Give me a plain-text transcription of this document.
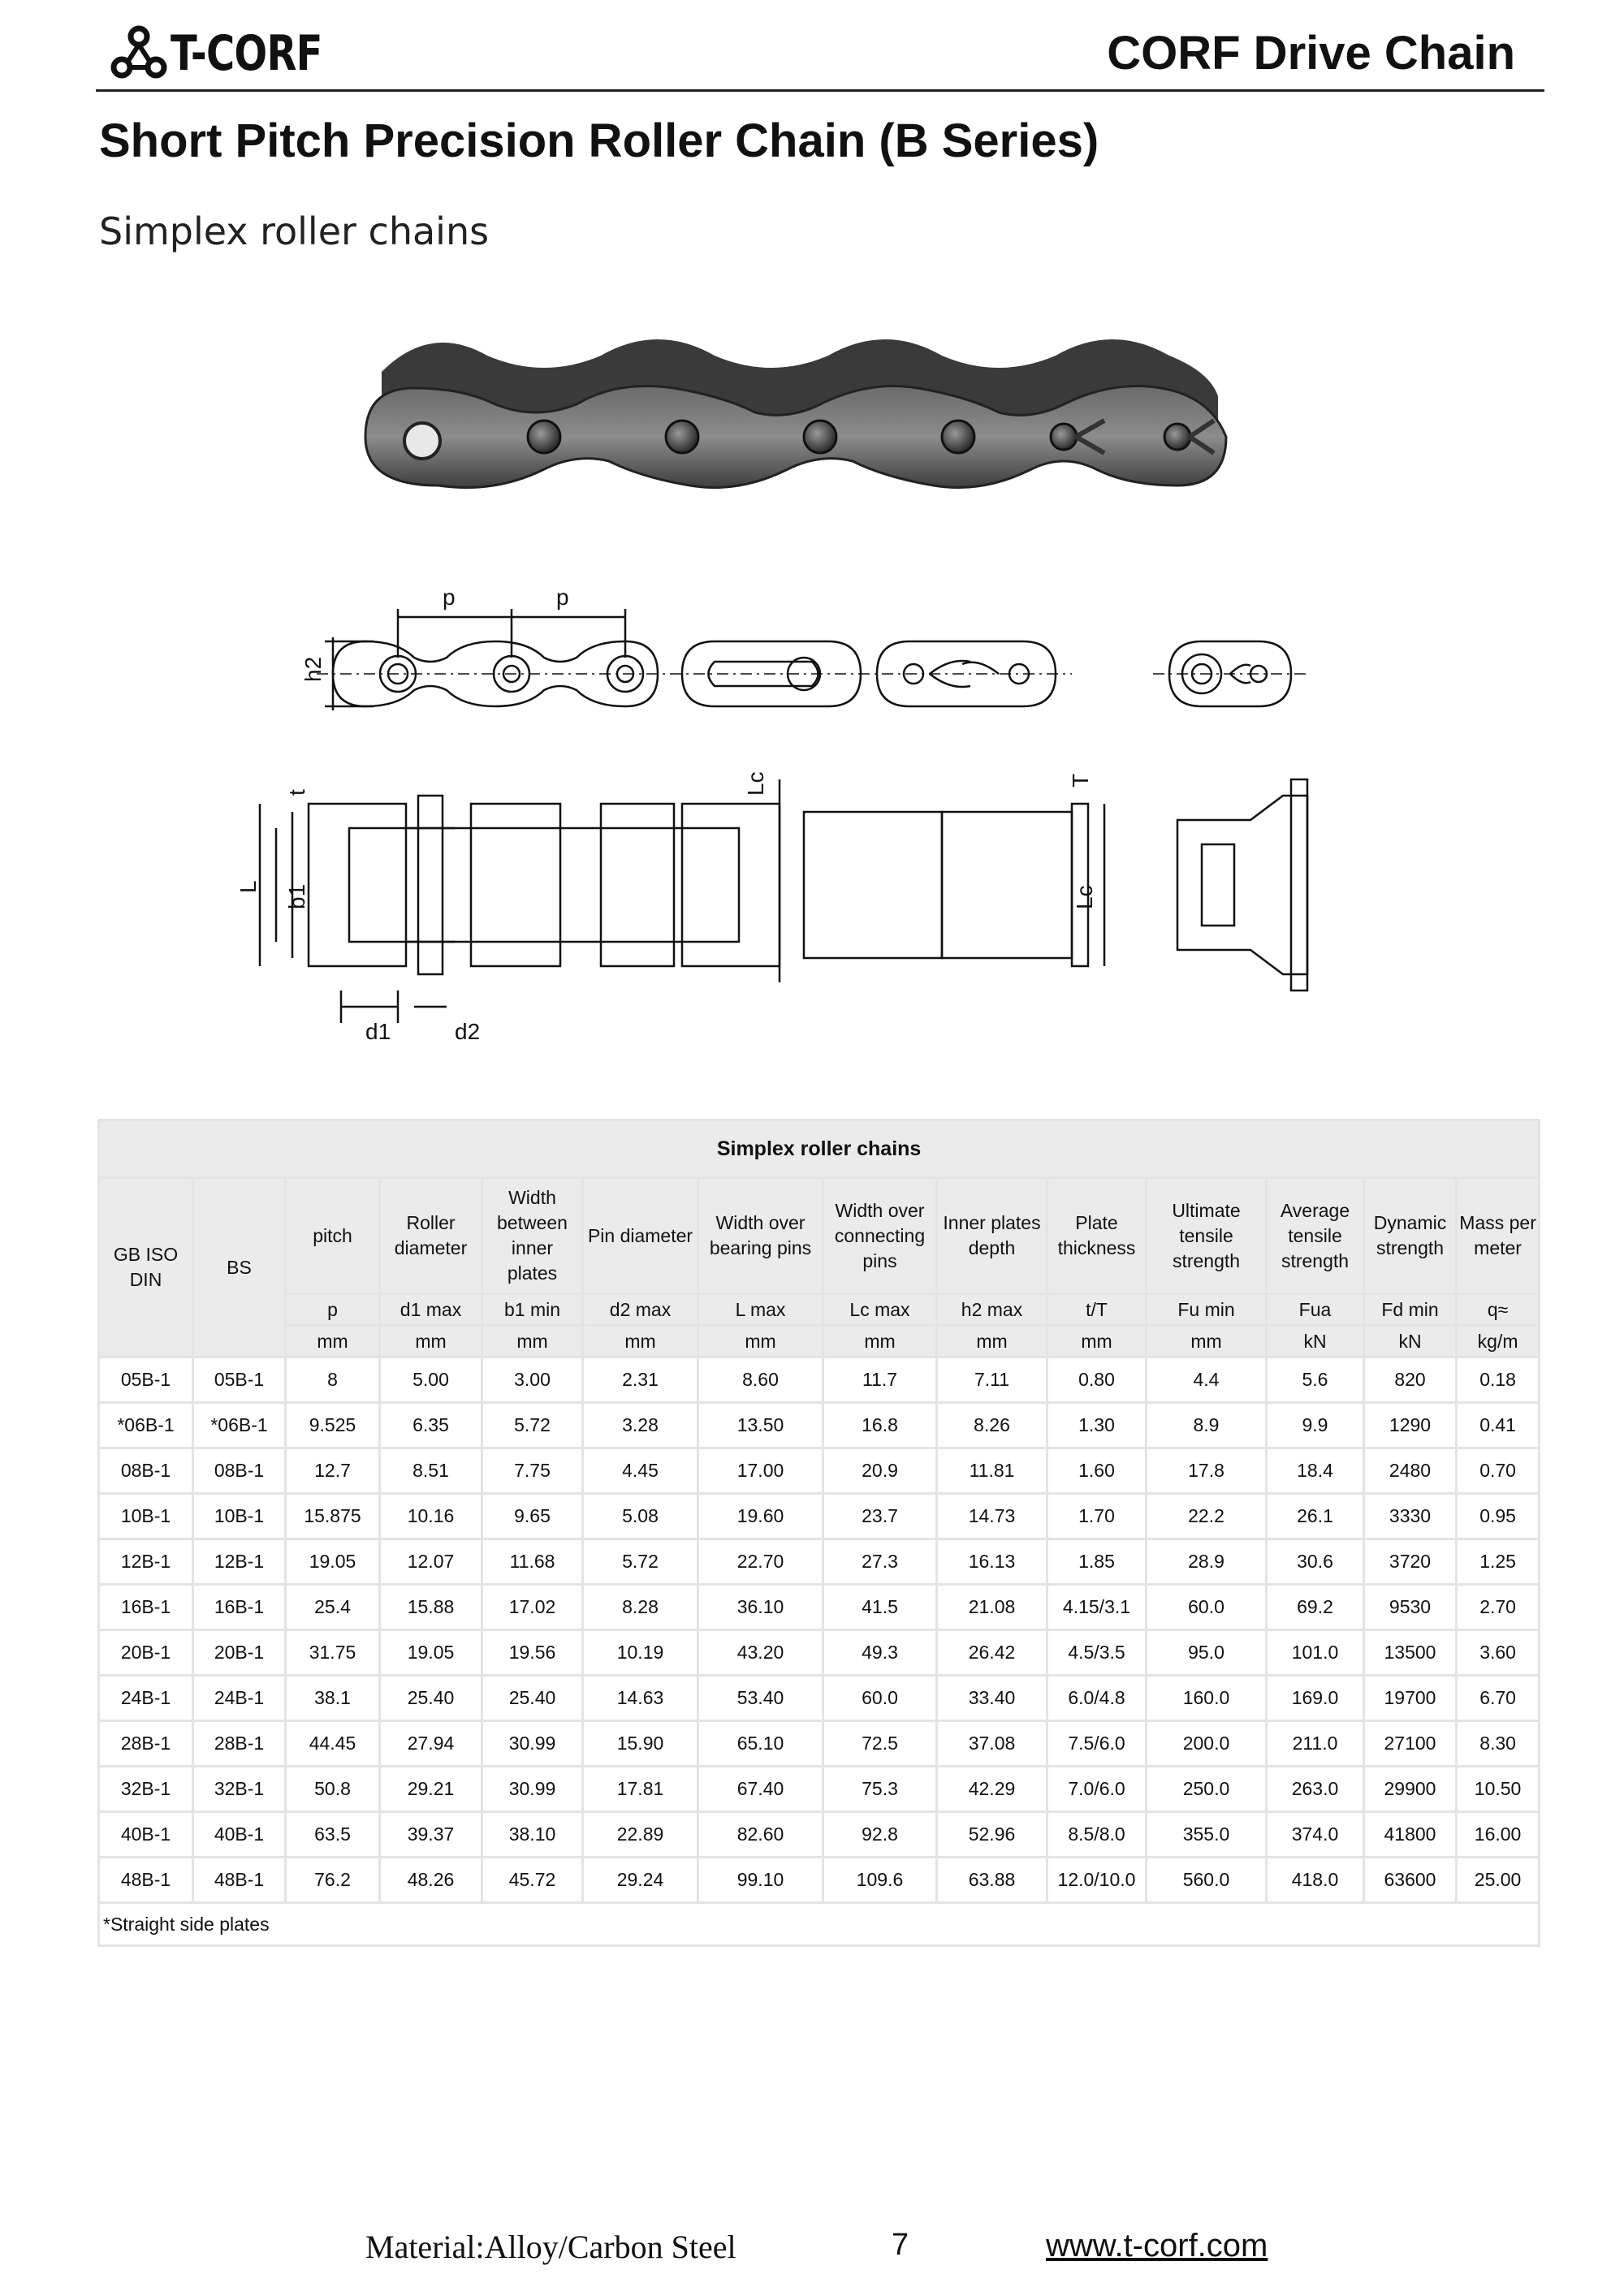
T-CORF	CORF Drive Chain
Short Pitch Precision Roller Chain (B Series)
Simplex roller chains
p	p
h2
t
L b1
d1	d2
Lc	T
Lc
Simplex roller chains													
GB ISO DIN	BS	pitch	Roller diameter	Width between inner plates	Pin diameter	Width over bearing pins	Width over connecting pins	Inner plates depth	Plate thickness	Ultimate tensile strength	Average tensile strength	Dynamic strength	Mass per meter
		p	d1 max	b1 min	d2 max	L max	Lc max	h2 max	t/T	Fu min	Fua	Fd min	q≈
		mm	mm	mm	mm	mm	mm	mm	mm	mm	kN	kN	kg/m
05B-1	05B-1	8	5.00	3.00	2.31	8.60	11.7	7.11	0.80	4.4	5.6	820	0.18
*06B-1	*06B-1	9.525	6.35	5.72	3.28	13.50	16.8	8.26	1.30	8.9	9.9	1290	0.41
08B-1	08B-1	12.7	8.51	7.75	4.45	17.00	20.9	11.81	1.60	17.8	18.4	2480	0.70
10B-1	10B-1	15.875	10.16	9.65	5.08	19.60	23.7	14.73	1.70	22.2	26.1	3330	0.95
12B-1	12B-1	19.05	12.07	11.68	5.72	22.70	27.3	16.13	1.85	28.9	30.6	3720	1.25
16B-1	16B-1	25.4	15.88	17.02	8.28	36.10	41.5	21.08	4.15/3.1	60.0	69.2	9530	2.70
20B-1	20B-1	31.75	19.05	19.56	10.19	43.20	49.3	26.42	4.5/3.5	95.0	101.0	13500	3.60
24B-1	24B-1	38.1	25.40	25.40	14.63	53.40	60.0	33.40	6.0/4.8	160.0	169.0	19700	6.70
28B-1	28B-1	44.45	27.94	30.99	15.90	65.10	72.5	37.08	7.5/6.0	200.0	211.0	27100	8.30
32B-1	32B-1	50.8	29.21	30.99	17.81	67.40	75.3	42.29	7.0/6.0	250.0	263.0	29900	10.50
40B-1	40B-1	63.5	39.37	38.10	22.89	82.60	92.8	52.96	8.5/8.0	355.0	374.0	41800	16.00
48B-1	48B-1	76.2	48.26	45.72	29.24	99.10	109.6	63.88	12.0/10.0	560.0	418.0	63600	25.00
*Straight side plates													
Material:Alloy/Carbon Steel	7	www.t-corf.com
